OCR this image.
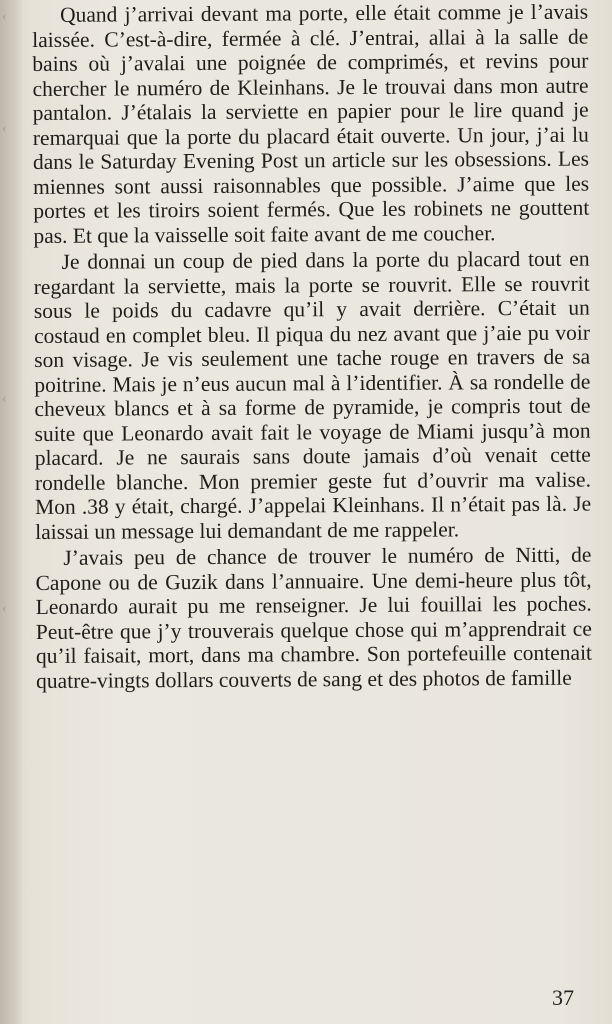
‹
‹
‹
‹

Quand j’arrivai devant ma porte, elle était comme je l’avais laissée. C’est-à-dire, fermée à clé. J’entrai, allai à la salle de bains où j’avalai une poignée de comprimés, et revins pour chercher le numéro de Kleinhans. Je le trouvai dans mon autre pantalon. J’étalais la serviette en papier pour le lire quand je remarquai que la porte du placard était ouverte. Un jour, j’ai lu dans le Saturday Evening Post un article sur les obsessions. Les miennes sont aussi raisonnables que possible. J’aime que les portes et les tiroirs soient fermés. Que les robinets ne gouttent pas. Et que la vaisselle soit faite avant de me coucher.

Je donnai un coup de pied dans la porte du placard tout en regardant la serviette, mais la porte se rouvrit. Elle se rouvrit sous le poids du cadavre qu’il y avait derrière. C’était un costaud en complet bleu. Il piqua du nez avant que j’aie pu voir son visage. Je vis seulement une tache rouge en travers de sa poitrine. Mais je n’eus aucun mal à l’identifier. À sa rondelle de cheveux blancs et à sa forme de pyramide, je compris tout de suite que Leonardo avait fait le voyage de Miami jusqu’à mon placard. Je ne saurais sans doute jamais d’où venait cette rondelle blanche. Mon premier geste fut d’ouvrir ma valise. Mon .38 y était, chargé. J’appelai Kleinhans. Il n’était pas là. Je laissai un message lui demandant de me rappeler.

J’avais peu de chance de trouver le numéro de Nitti, de Capone ou de Guzik dans l’annuaire. Une demi-heure plus tôt, Leonardo aurait pu me renseigner. Je lui fouillai les poches. Peut-être que j’y trouverais quelque chose qui m’apprendrait ce qu’il faisait, mort, dans ma chambre. Son portefeuille contenait quatre-vingts dollars couverts de sang et des photos de famille

37
